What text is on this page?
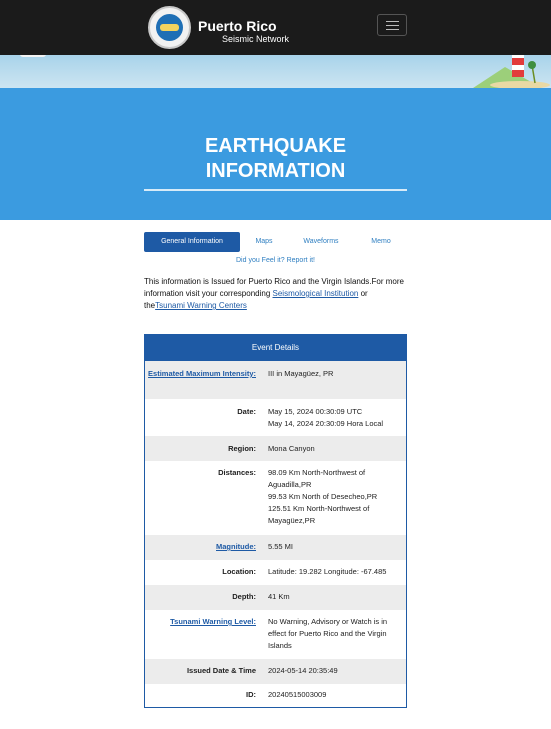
Puerto Rico
Seismic Network
EARTHQUAKE
INFORMATION
General Information	Maps	Waveforms	Memo
Did you Feel it? Report it!
This information is Issued for Puerto Rico and the Virgin Islands.For more information visit your corresponding Seismological Institution or theTsunami Warning Centers
Event Details
Estimated Maximum Intensity: III in Mayagüez, PR
Date: May 15, 2024 00:30:09 UTC
May 14, 2024 20:30:09 Hora Local
Region: Mona Canyon
Distances: 98.09 Km North-Northwest of Aguadilla,PR
99.53 Km North of Desecheo,PR
125.51 Km North-Northwest of Mayagüez,PR
Magnitude: 5.55 MI
Location: Latitude: 19.282 Longitude: -67.485
Depth: 41 Km
Tsunami Warning Level: No Warning, Advisory or Watch is in effect for Puerto Rico and the Virgin Islands
Issued Date & Time 2024-05-14 20:35:49
ID: 20240515003009
